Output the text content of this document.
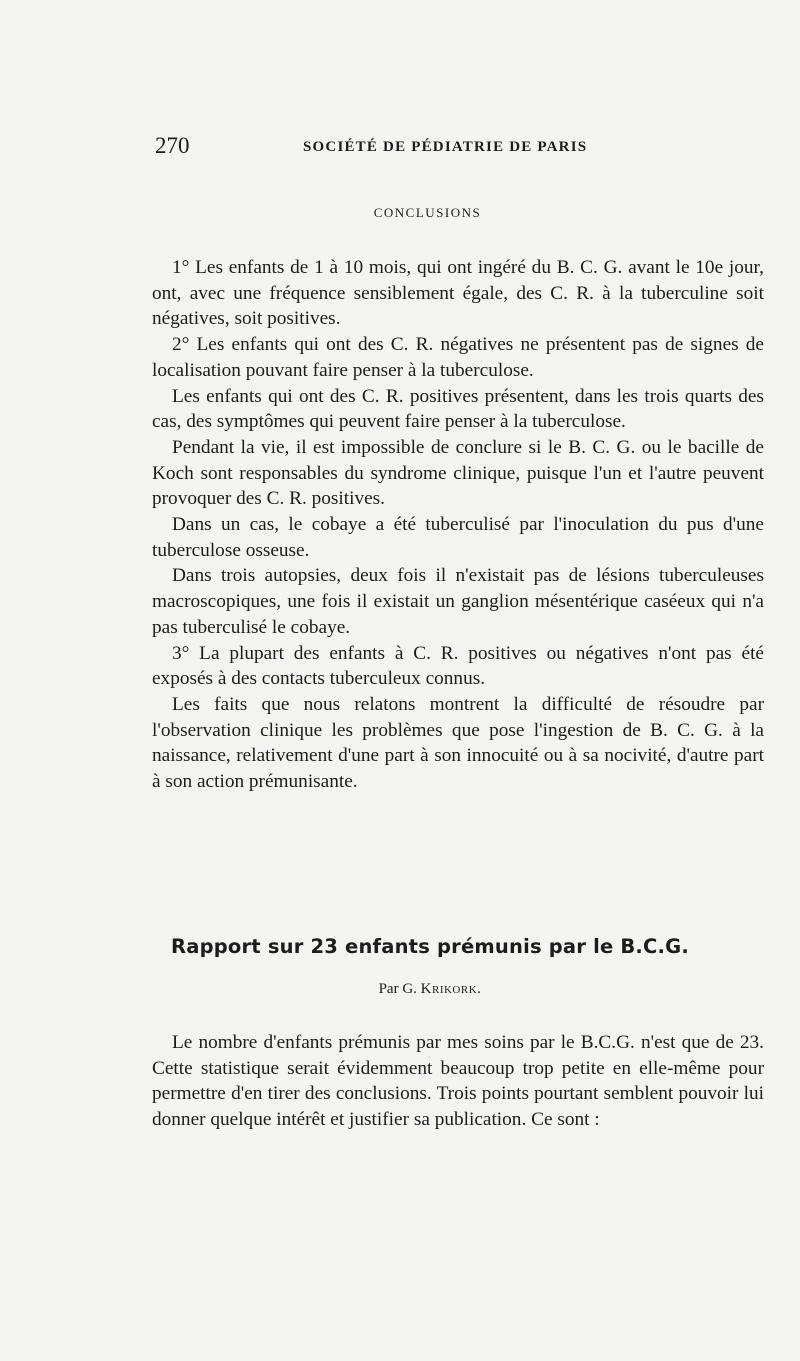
270	SOCIÉTÉ DE PÉDIATRIE DE PARIS
CONCLUSIONS

1° Les enfants de 1 à 10 mois, qui ont ingéré du B. C. G. avant le 10e jour, ont, avec une fréquence sensiblement égale, des C. R. à la tuberculine soit négatives, soit positives.

2° Les enfants qui ont des C. R. négatives ne présentent pas de signes de localisation pouvant faire penser à la tuberculose.

Les enfants qui ont des C. R. positives présentent, dans les trois quarts des cas, des symptômes qui peuvent faire penser à la tuberculose.

Pendant la vie, il est impossible de conclure si le B. C. G. ou le bacille de Koch sont responsables du syndrome clinique, puisque l'un et l'autre peuvent provoquer des C. R. positives.

Dans un cas, le cobaye a été tuberculisé par l'inoculation du pus d'une tuberculose osseuse.

Dans trois autopsies, deux fois il n'existait pas de lésions tuberculeuses macroscopiques, une fois il existait un ganglion mésentérique caséeux qui n'a pas tuberculisé le cobaye.

3° La plupart des enfants à C. R. positives ou négatives n'ont pas été exposés à des contacts tuberculeux connus.

Les faits que nous relatons montrent la difficulté de résoudre par l'observation clinique les problèmes que pose l'ingestion de B. C. G. à la naissance, relativement d'une part à son innocuité ou à sa nocivité, d'autre part à son action prémunisante.

Rapport sur 23 enfants prémunis par le B.C.G.
Par G. Krikork.

Le nombre d'enfants prémunis par mes soins par le B.C.G. n'est que de 23. Cette statistique serait évidemment beaucoup trop petite en elle-même pour permettre d'en tirer des conclusions. Trois points pourtant semblent pouvoir lui donner quelque intérêt et justifier sa publication. Ce sont :
